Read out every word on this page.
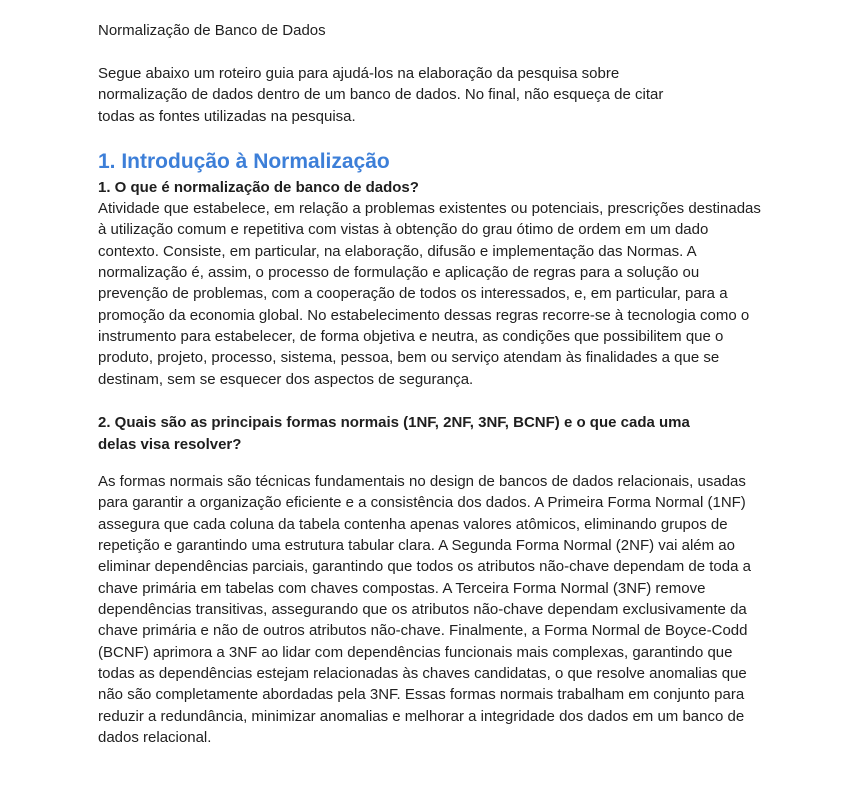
Normalização de Banco de Dados

Segue abaixo um roteiro guia para ajudá-los na elaboração da pesquisa sobre normalização de dados dentro de um banco de dados. No final, não esqueça de citar todas as fontes utilizadas na pesquisa.

1. Introdução à Normalização

1. O que é normalização de banco de dados?

Atividade que estabelece, em relação a problemas existentes ou potenciais, prescrições destinadas à utilização comum e repetitiva com vistas à obtenção do grau ótimo de ordem em um dado contexto. Consiste, em particular, na elaboração, difusão e implementação das Normas. A normalização é, assim, o processo de formulação e aplicação de regras para a solução ou prevenção de problemas, com a cooperação de todos os interessados, e, em particular, para a promoção da economia global. No estabelecimento dessas regras recorre-se à tecnologia como o instrumento para estabelecer, de forma objetiva e neutra, as condições que possibilitem que o produto, projeto, processo, sistema, pessoa, bem ou serviço atendam às finalidades a que se destinam, sem se esquecer dos aspectos de segurança.

2. Quais são as principais formas normais (1NF, 2NF, 3NF, BCNF) e o que cada uma delas visa resolver?

As formas normais são técnicas fundamentais no design de bancos de dados relacionais, usadas para garantir a organização eficiente e a consistência dos dados. A Primeira Forma Normal (1NF) assegura que cada coluna da tabela contenha apenas valores atômicos, eliminando grupos de repetição e garantindo uma estrutura tabular clara. A Segunda Forma Normal (2NF) vai além ao eliminar dependências parciais, garantindo que todos os atributos não-chave dependam de toda a chave primária em tabelas com chaves compostas. A Terceira Forma Normal (3NF) remove dependências transitivas, assegurando que os atributos não-chave dependam exclusivamente da chave primária e não de outros atributos não-chave. Finalmente, a Forma Normal de Boyce-Codd (BCNF) aprimora a 3NF ao lidar com dependências funcionais mais complexas, garantindo que todas as dependências estejam relacionadas às chaves candidatas, o que resolve anomalias que não são completamente abordadas pela 3NF. Essas formas normais trabalham em conjunto para reduzir a redundância, minimizar anomalias e melhorar a integridade dos dados em um banco de dados relacional.
